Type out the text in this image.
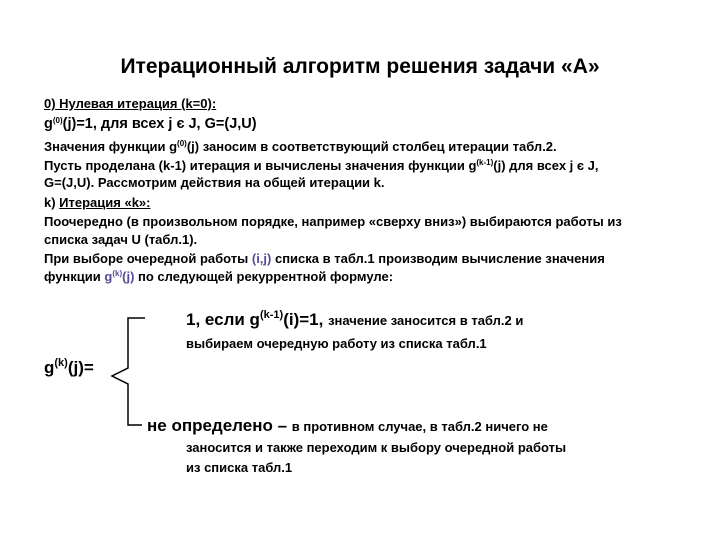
Итерационный алгоритм решения задачи «А»
0) Нулевая итерация (k=0):
$g^{(0)}(j)=1$, для всех j є J, G=(J,U)
Значения функции $g^{(0)}(j)$ заносим в соответствующий столбец итерации табл.2.
Пусть проделана (k-1) итерация и вычислены значения функции $g^{(k-1)}(j)$ для всех j є J,
G=(J,U). Рассмотрим действия на общей итерации k.
k) Итерация «k»:
Поочередно (в произвольном порядке, например «сверху вниз») выбираются работы из
списка задач U (табл.1).
При выборе очередной работы (i,j) списка в табл.1 производим вычисление значения
функции $g^{(k)}(j)$ по следующей рекуррентной формуле:
1, если $g^{(k-1)}(i)=1$, значение заносится в табл.2 и
выбираем очередную работу из списка табл.1
$g^{(k)}(j)=$
не определено – в противном случае, в табл.2 ничего не
заносится и также переходим к выбору очередной работы
из списка табл.1
